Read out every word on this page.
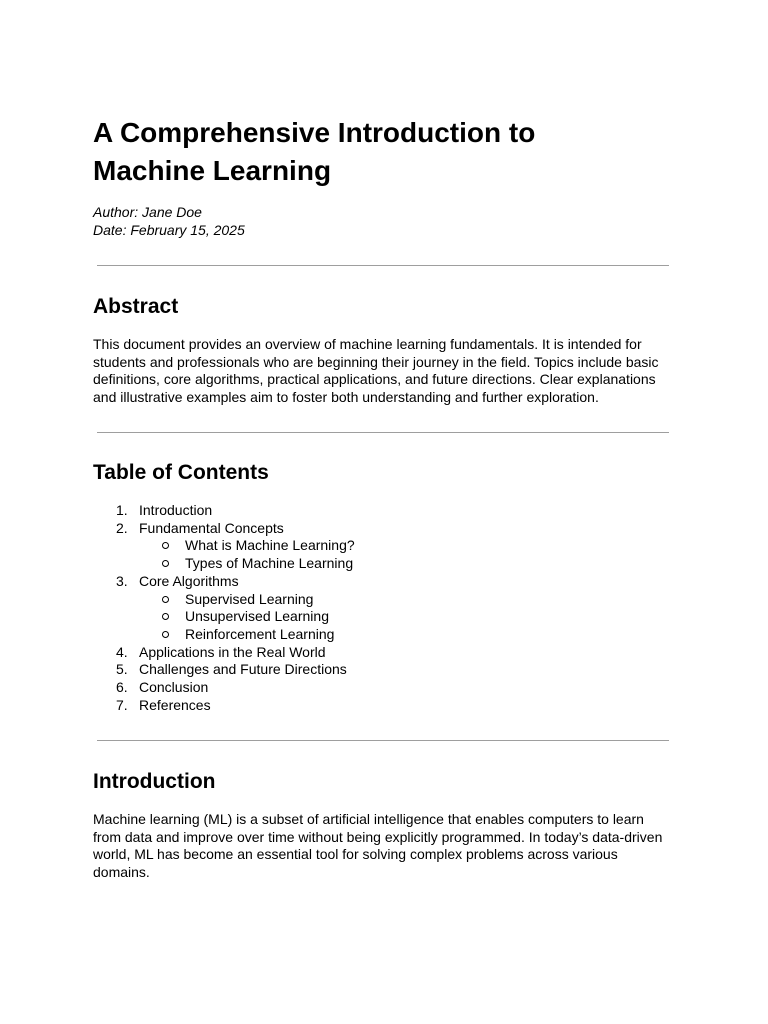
A Comprehensive Introduction to Machine Learning
Author: Jane Doe
Date: February 15, 2025
Abstract

This document provides an overview of machine learning fundamentals. It is intended for students and professionals who are beginning their journey in the field. Topics include basic definitions, core algorithms, practical applications, and future directions. Clear explanations and illustrative examples aim to foster both understanding and further exploration.

Table of Contents
1. Introduction
2. Fundamental Concepts
What is Machine Learning?
Types of Machine Learning
3. Core Algorithms
Supervised Learning
Unsupervised Learning
Reinforcement Learning
4. Applications in the Real World
5. Challenges and Future Directions
6. Conclusion
7. References
Introduction

Machine learning (ML) is a subset of artificial intelligence that enables computers to learn from data and improve over time without being explicitly programmed. In today’s data-driven world, ML has become an essential tool for solving complex problems across various domains.
